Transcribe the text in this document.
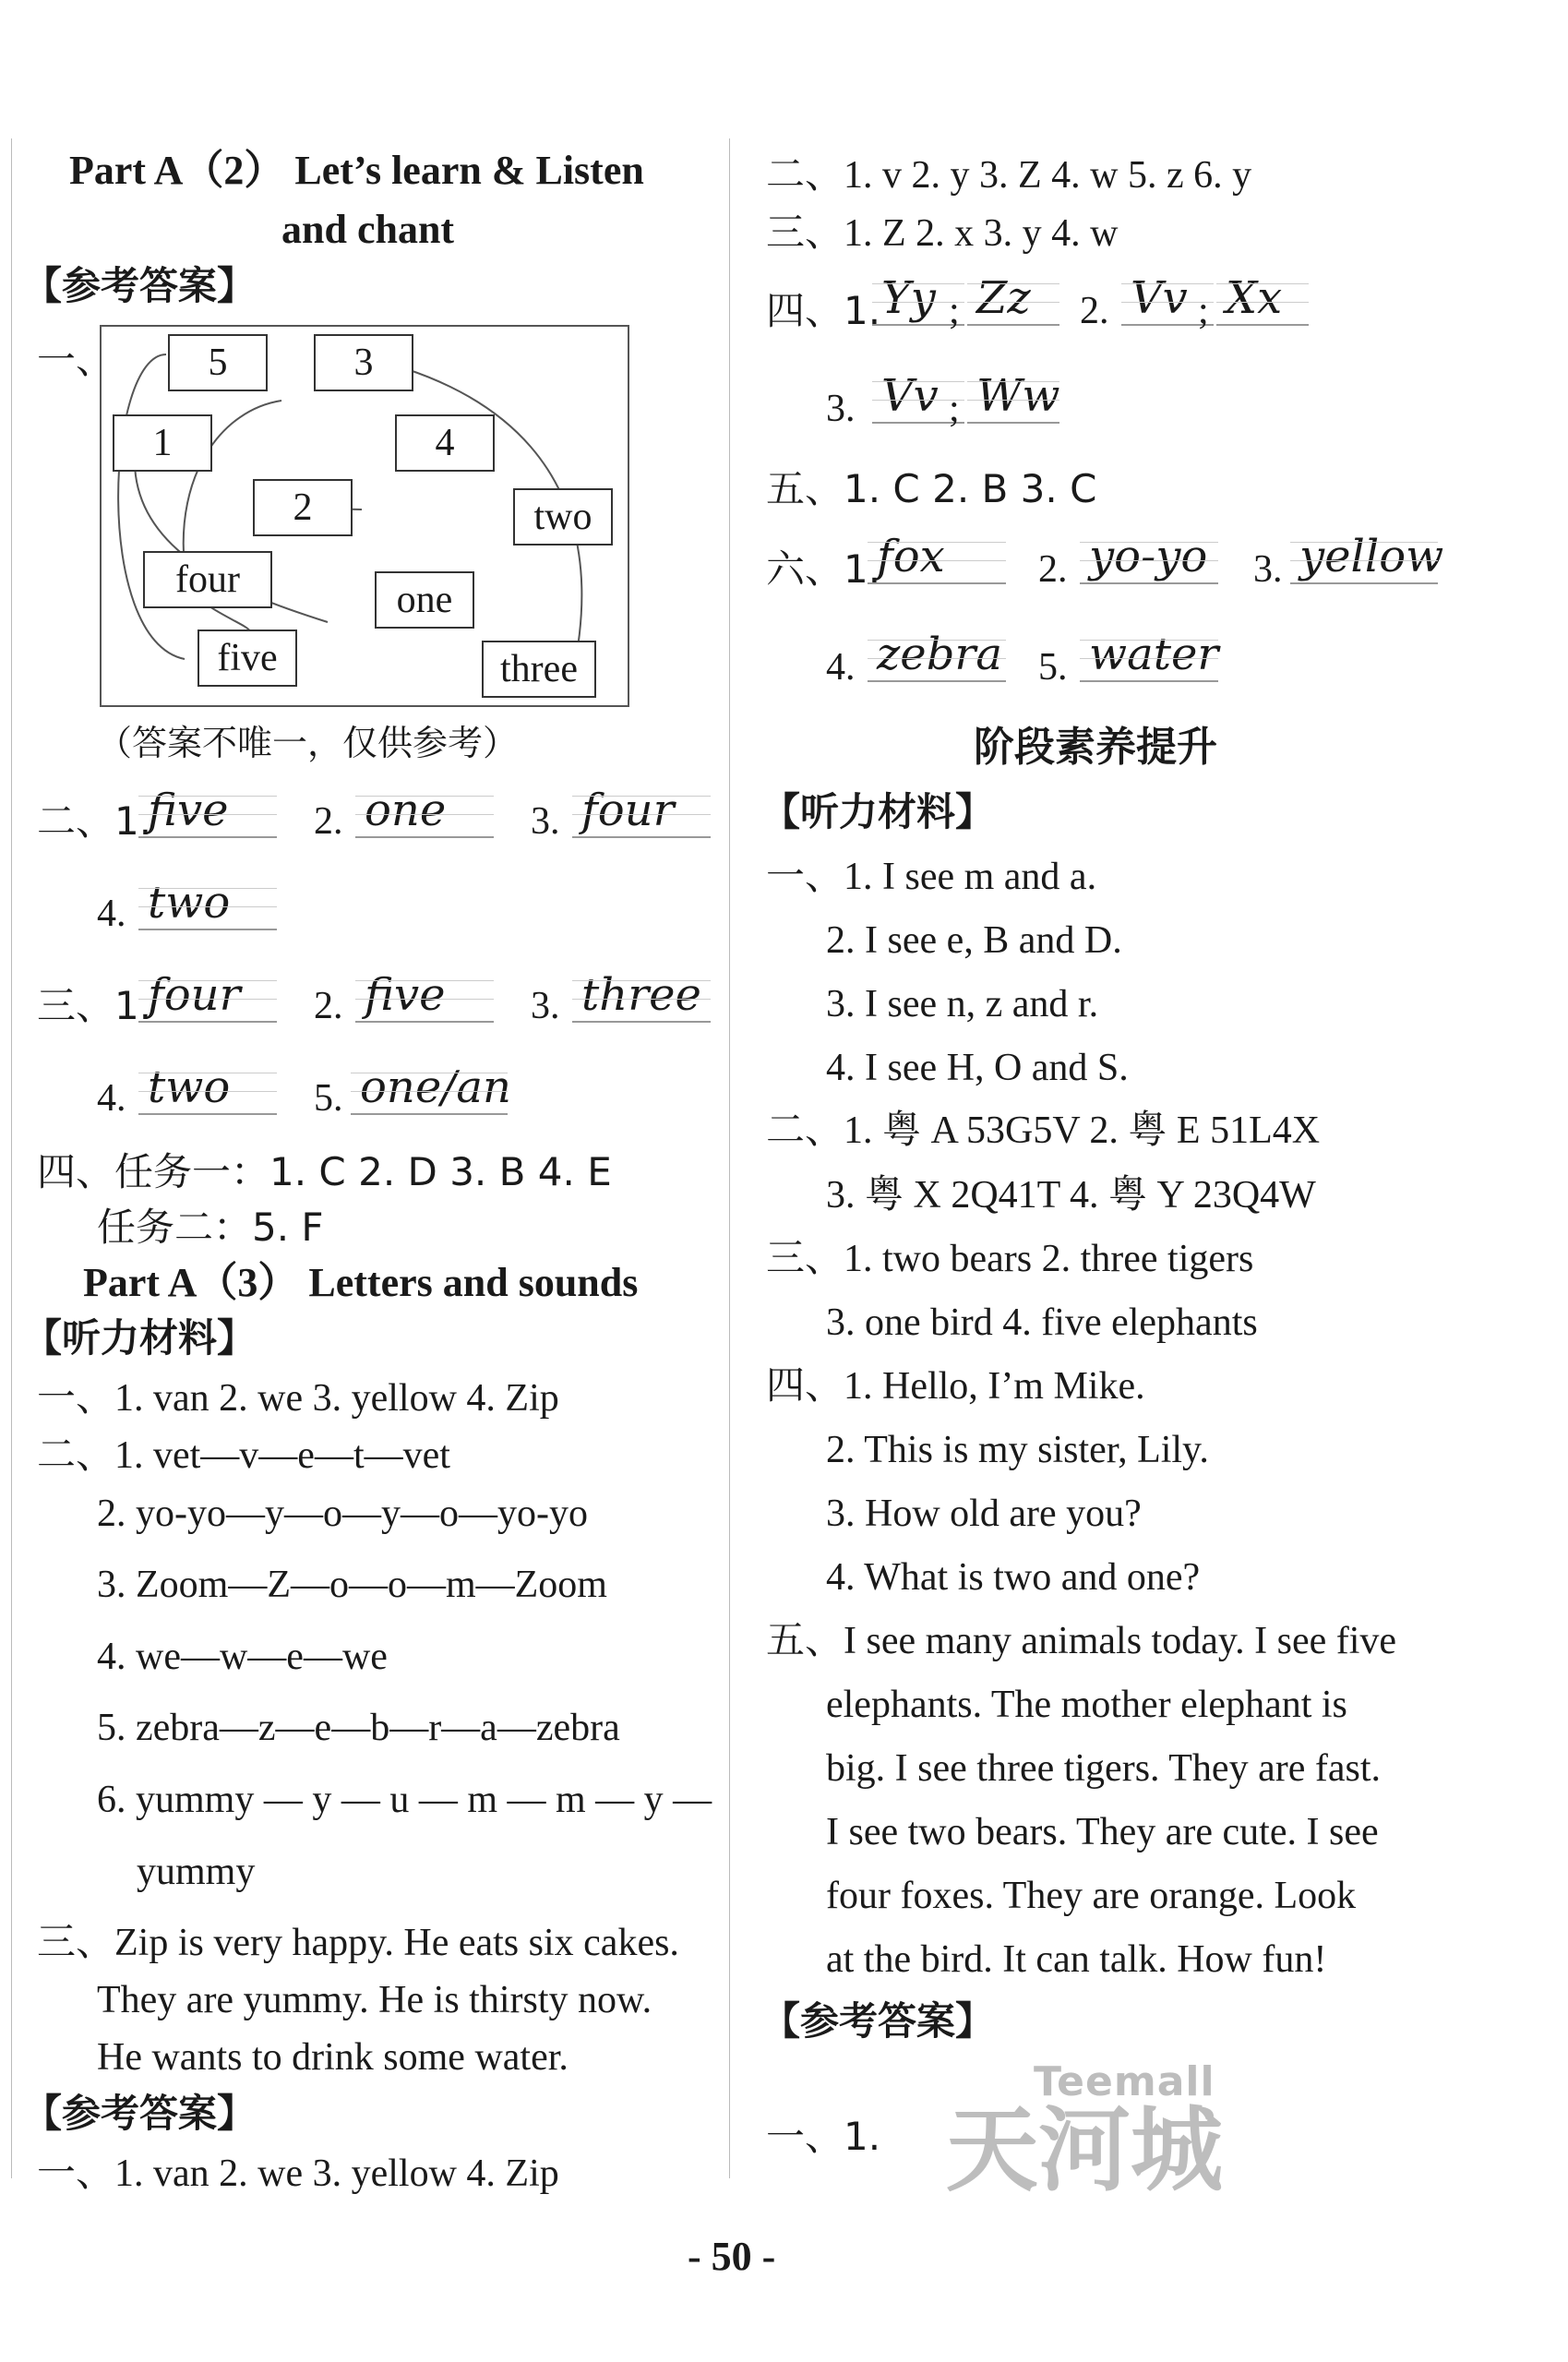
Part A（2） Let’s learn & Listen
and chant
【参考答案】
一、	5	3
1	4
2	two
four	one
five	three
（答案不唯一，仅供参考）
二、1.
five	2. one	3. four
4. two
三、1.
four	2. five	3. three
4. two	5. one/an
四、任务一：1. C 2. D 3. B 4. E
任务二：5. F
Part A（3） Letters and sounds
【听力材料】
一、1. van 2. we 3. yellow 4. Zip
二、1. vet—v—e—t—vet
2. yo-yo—y—o—y—o—yo-yo
3. Zoom—Z—o—o—m—Zoom
4. we—w—e—we
5. zebra—z—e—b—r—a—zebra
6. yummy — y — u — m — m — y —
yummy
三、Zip is very happy. He eats six cakes.
They are yummy. He is thirsty now.
He wants to drink some water.
【参考答案】
一、1. van 2. we 3. yellow 4. Zip
二、1. v 2. y 3. Z 4. w 5. z 6. y
三、1. Z 2. x 3. y 4. w
四、1. Yy ; Zz	2. Vv ; Xx
3. Vv ; Ww
五、1. C 2. B 3. C
六、1.
fox	2. yo-yo 3. yellow
4. zebra 5. water
阶段素养提升
【听力材料】
一、1. I see m and a.
2. I see e, B and D.
3. I see n, z and r.
4. I see H, O and S.
二、1. 粤 A 53G5V 2. 粤 E 51L4X
3. 粤 X 2Q41T 4. 粤 Y 23Q4W
三、1. two bears 2. three tigers
3. one bird 4. five elephants
四、1. Hello, I’m Mike.
2. This is my sister, Lily.
3. How old are you?
4. What is two and one?
五、I see many animals today. I see five
elephants. The mother elephant is
big. I see three tigers. They are fast.
I see two bears. They are cute. I see
four foxes. They are orange. Look
at the bird. It can talk. How fun!
【参考答案】
一、1.
Teemall
天河城
- 50 -
